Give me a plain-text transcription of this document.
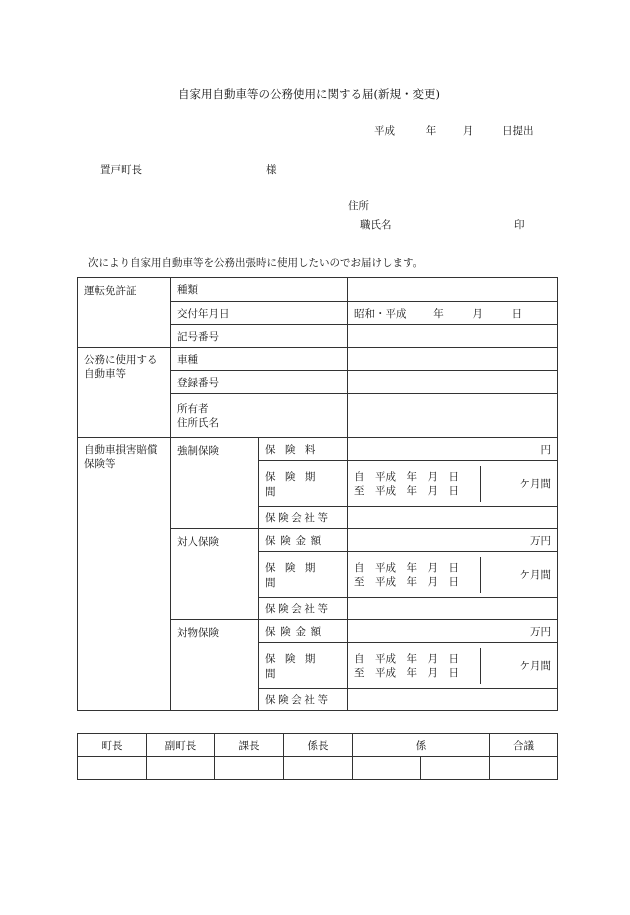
自家用自動車等の公務使用に関する届(新規・変更)
平成	年	月	日提出
置戸町長	様
住所
職氏名	印
次により自家用自動車等を公務出張時に使用したいのでお届けします。
運転免許証	種類		
	交付年月日		昭和・平成 年 月 日
	記号番号		

公務に使用する
自動車等	車種		
	登録番号		

	所有者
住所氏名		

自動車損害賠償
保険等	強制保険	保険料	円
		保険期間	自　平成　年　月　日
至　平成　年　月　日
ケ月間

		保険会社等	
	対人保険	保険金額	万円
		保険期間	自　平成　年　月　日
至　平成　年　月　日
ケ月間

		保険会社等	
	対物保険	保険金額	万円
		保険期間	自　平成　年　月　日
至　平成　年　月　日
ケ月間

		保険会社等	
町長	副町長	課長	係長	係		合議
